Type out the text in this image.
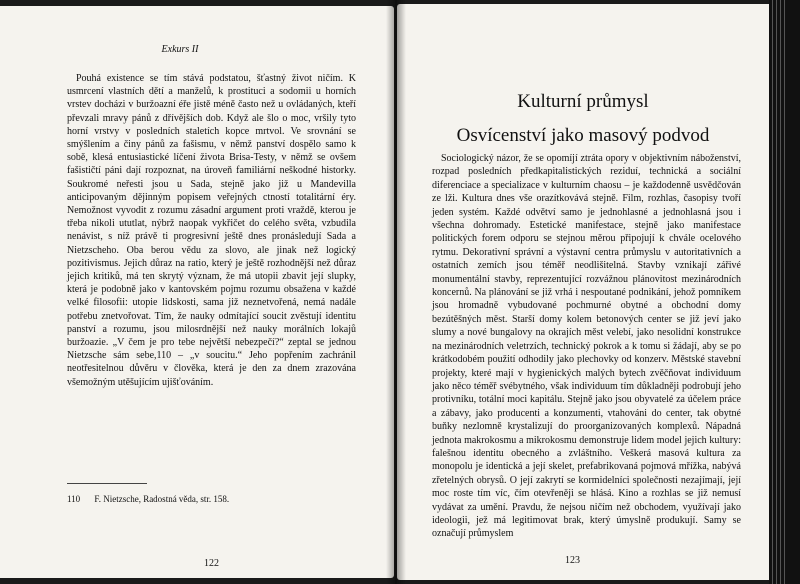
Exkurs II

Pouhá existence se tím stává podstatou, šťastný život ničím. K usmrcení vlastních dětí a manželů, k prostituci a sodomii u horních vrstev docházi v buržoazní éře jistě méně často než u ovládaných, kteří převzali mravy pánů z dřívějších dob. Když ale šlo o moc, vršily tyto horní vrstvy v posledních staletích kopce mrtvol. Ve srovnání se smýšlením a činy pánů za fašismu, v němž panství dospělo samo k sobě, klesá entusiastické líčení života Brisa-Testy, v němž se ovšem fašističtí páni dají rozpoznat, na úroveň familiární neškodné historky. Soukromé neřesti jsou u Sada, stejně jako již u Mandevilla anticipovaným dějinným popisem veřejných ctností totalitární éry. Nemožnost vyvodit z rozumu zásadní argument proti vraždě, kterou je třeba nikoli ututlat, nýbrž naopak vykřičet do celého světa, vzbudila nenávist, s níž právě ti progresivní ještě dnes pronásledují Sada a Nietzscheho. Oba berou vědu za slovo, ale jinak než logický pozitivismus. Jejich důraz na ratio, který je ještě rozhodnější než důraz jejich kritiků, má ten skrytý význam, že má utopii zbavit její slupky, která je podobně jako v kantovském pojmu rozumu obsažena v každé velké filosofii: utopie lidskosti, sama již neznetvořená, nemá nadále potřebu znetvořovat. Tím, že nauky odmítající soucit zvěstují identitu panství a rozumu, jsou milosrdnější než nauky morálních lokajů buržoazie. „V čem je pro tebe největší nebezpečí?“ zeptal se jednou Nietzsche sám sebe,110 – „v soucitu.“ Jeho popřením zachránil neotřesitelnou důvěru v člověka, která je den za dnem zrazována všemožným utěšujícím ujišťováním.

110 F. Nietzsche, Radostná věda, str. 158.
122
Kulturní průmysl
Osvícenství jako masový podvod

Sociologický názor, že se opomíjí ztráta opory v objektivním náboženství, rozpad posledních předkapitalistických reziduí, technická a sociální diferenciace a specializace v kulturním chaosu – je každodenně usvědčován ze lži. Kultura dnes vše orazítkovává stejně. Film, rozhlas, časopisy tvoří jeden systém. Každé odvětví samo je jednohlasné a jednohlasná jsou i všechna dohromady. Estetické manifestace, stejně jako manifestace politických forem odporu se stejnou měrou připojují k chvále ocelového rytmu. Dekorativní správní a výstavní centra průmyslu v autoritativních a ostatních zemích jsou téměř neodlišitelná. Stavby vznikají zářivé monumentální stavby, reprezentující rozvážnou plánovitost mezinárodních koncernů. Na plánování se již vrhá i nespoutané podnikání, jehož pomníkem jsou hromadně vybudované pochmurné obytné a obchodní domy bezútěšných měst. Starší domy kolem betonových center se již jeví jako slumy a nové bungalovy na okrajích měst velebí, jako nesolidní konstrukce na mezinárodních veletrzích, technický pokrok a k tomu si žádají, aby se po krátkodobém použití odhodily jako plechovky od konzerv. Městské stavební projekty, které mají v hygienických malých bytech zvěčňovat individuum jako něco téměř svébytného, však individuum tím důkladněji podrobují jeho protivníku, totální moci kapitálu. Stejně jako jsou obyvatelé za účelem práce a zábavy, jako producenti a konzumenti, vtahováni do center, tak obytné buňky nezlomně krystalizují do proorganizovaných komplexů. Nápadná jednota makrokosmu a mikrokosmu demonstruje lidem model jejich kultury: falešnou identitu obecného a zvláštního. Veškerá masová kultura za monopolu je identická a její skelet, prefabrikovaná pojmová mřížka, nabývá zřetelných obrysů. O její zakrytí se kormidelníci společnosti nezajímají, její moc roste tím víc, čím otevřeněji se hlásá. Kino a rozhlas se již nemusí vydávat za umění. Pravdu, že nejsou ničím než obchodem, využívají jako ideologii, jež má legitimovat brak, který úmyslně produkují. Samy se označují průmyslem

123
